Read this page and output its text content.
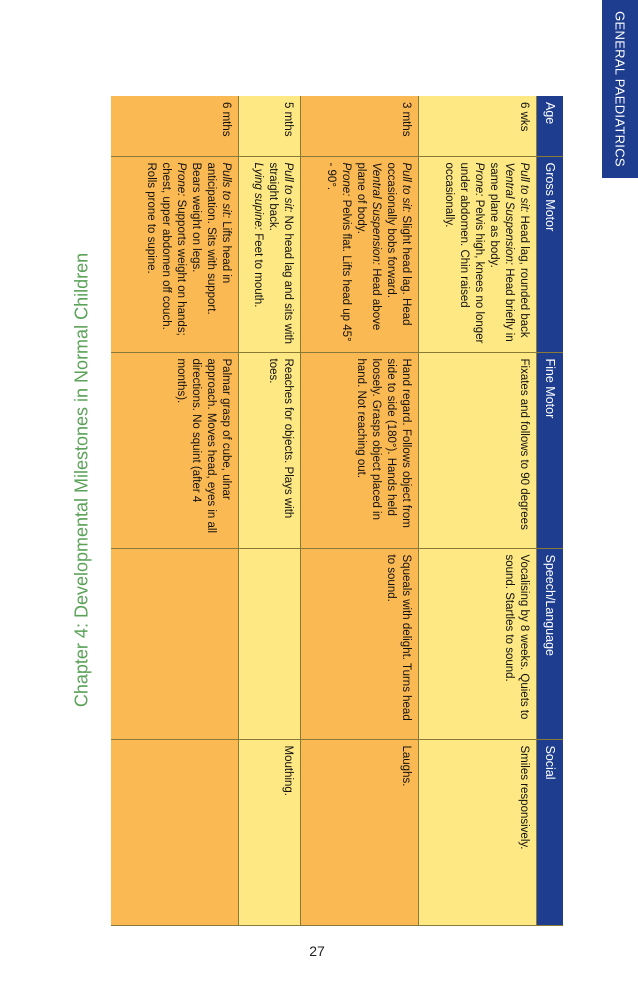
GENERAL PAEDIATRICS
Chapter 4: Developmental Milestones in Normal Children
Age	Gross Motor	Fine Motor	Speech/Language	Social
6 wks	Pull to sit: Head lag, rounded back

Ventral Suspension: Head briefly in same plane as body.

Prone: Pelvis high, knees no longer under abdomen. Chin raised occasionally.	Fixates and follows to 90 degrees	Vocalising by 8 weeks. Quiets to sound. Startles to sound.	Smiles responsively.
3 mths	Pull to sit: Slight head lag. Head occasionally bobs forward.

Ventral Suspension: Head above plane of body.

Prone: Pelvis flat. Lifts head up 45° - 90°.	Hand regard. Follows object from side to side (180°). Hands held loosely. Grasps object placed in hand. Not reaching out.	Squeals with delight. Turns head to sound.	Laughs.
5 mths	Pull to sit: No head lag and sits with straight back.

Lying supine: Feet to mouth.	Reaches for objects. Plays with toes.		Mouthing.
6 mths	Pulls to sit: Lifts head in anticipation. Sits with support. Bears weight on legs.

Prone: Supports weight on hands; chest, upper abdomen off couch. Rolls prone to supine.	Palmar grasp of cube, ulnar approach. Moves head, eyes in all directions. No squint (after 4 months).		
27
